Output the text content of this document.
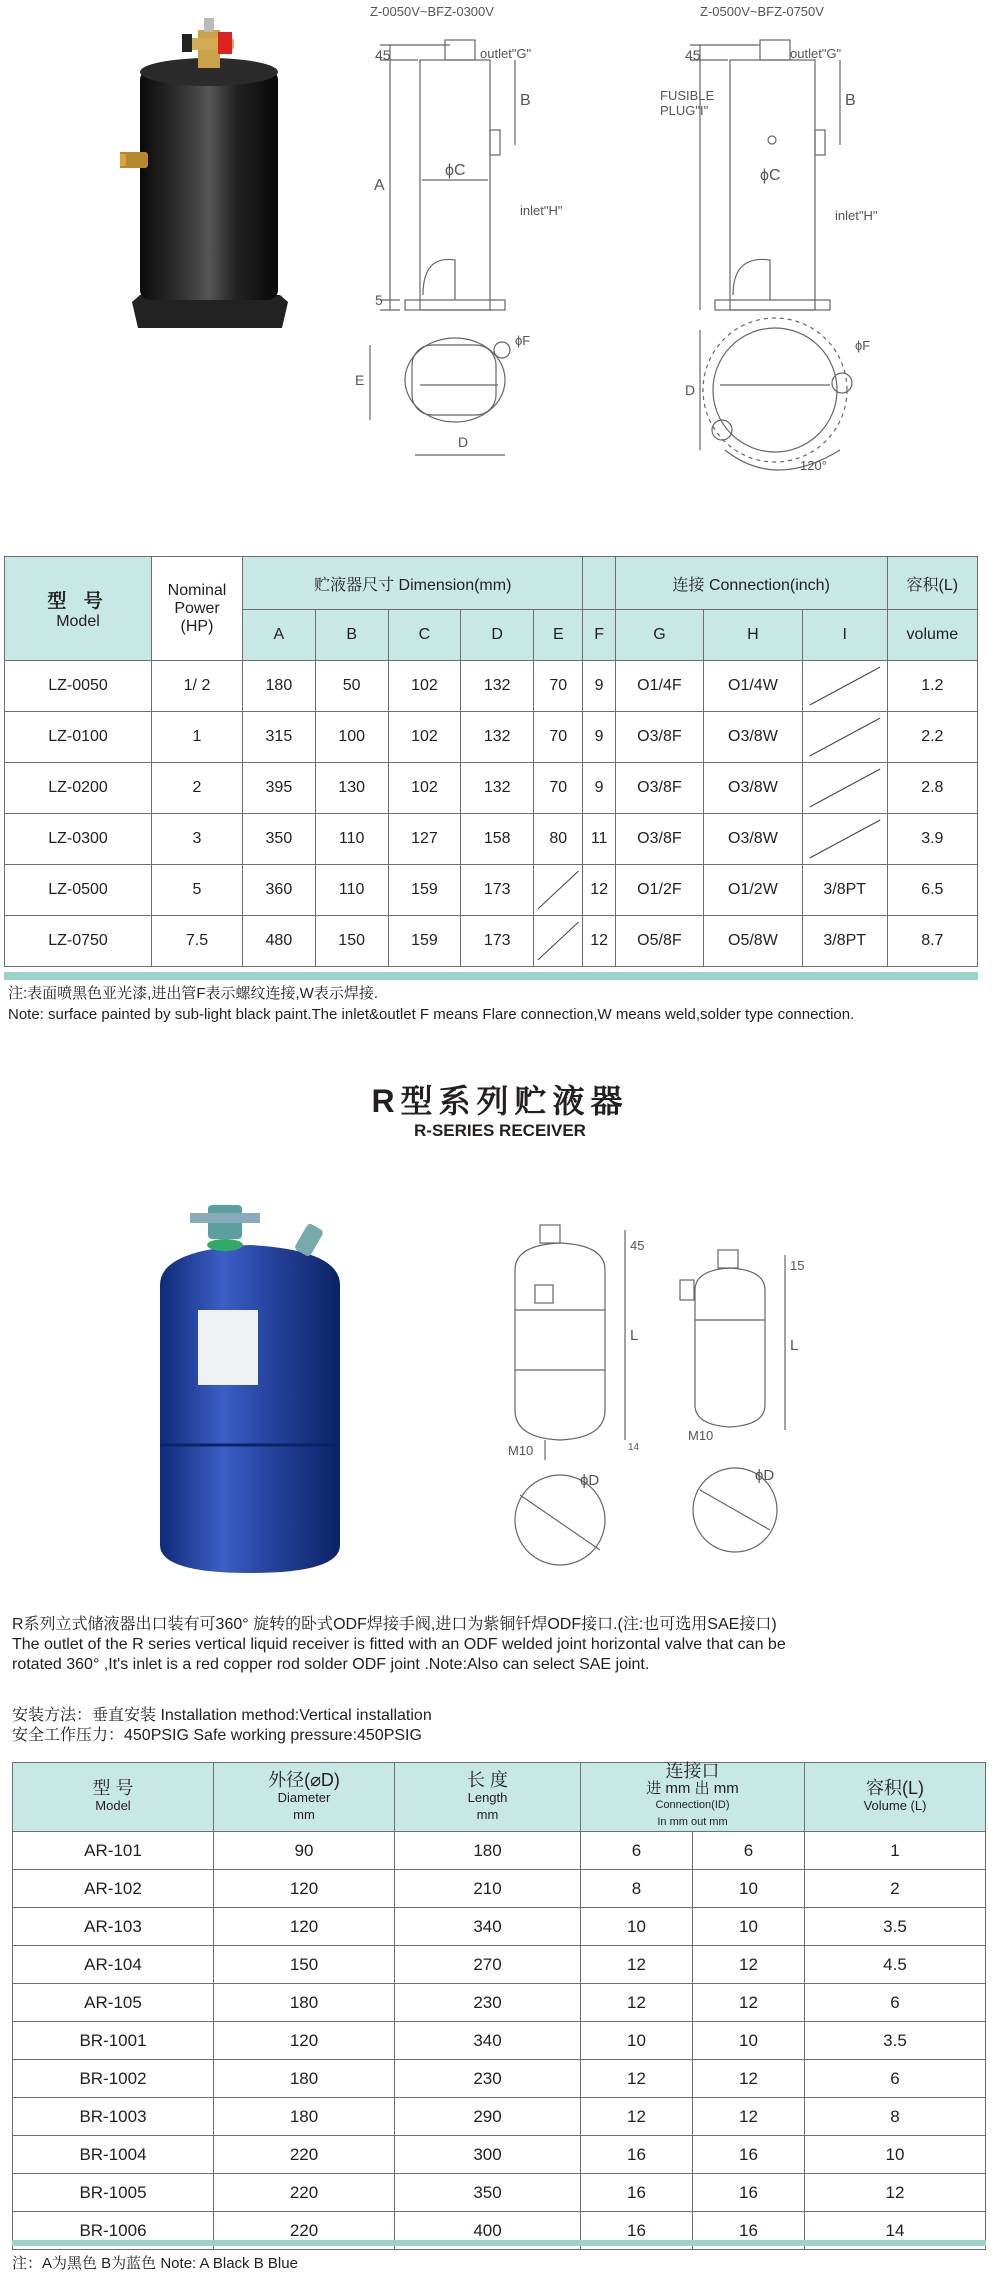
Z-0050V~BFZ-0300V	Z-0500V~BFZ-0750V
outlet"G"	outlet"G"
inlet"H"	inlet"H"
FUSIBLE
PLUG"I"
45	45
A
B	B
ϕC	ϕC
5
E
D
D
ϕF	ϕF
120°
型 号
Model	Nominal
Power
(HP)	贮液器尺寸 Dimension(mm)						连接 Connection(inch)			容积(L)
		A	B	C	D	E	F	G	H	I	volume
LZ-0050	1/ 2	180	50	102	132	70	9	O1/4F	O1/4W		1.2
LZ-0100	1	315	100	102	132	70	9	O3/8F	O3/8W		2.2
LZ-0200	2	395	130	102	132	70	9	O3/8F	O3/8W		2.8
LZ-0300	3	350	110	127	158	80	11	O3/8F	O3/8W		3.9
LZ-0500	5	360	110	159	173		12	O1/2F	O1/2W	3/8PT	6.5
LZ-0750	7.5	480	150	159	173		12	O5/8F	O5/8W	3/8PT	8.7
注:表面喷黑色亚光漆,进出管F表示螺纹连接,W表示焊接.
Note: surface painted by sub-light black paint.The inlet&outlet F means Flare connection,W means weld,solder type connection.
R型系列贮液器
R-SERIES RECEIVER
45
15
L
L
M10
M10
ϕD	ϕD
14
R系列立式储液器出口装有可360° 旋转的卧式ODF焊接手阀,进口为紫铜钎焊ODF接口.(注:也可选用SAE接口)
The outlet of the R series vertical liquid receiver is fitted with an ODF welded joint horizontal valve that can be
rotated 360° ,It's inlet is a red copper rod solder ODF joint .Note:Also can select SAE joint.
安装方法：垂直安装 Installation method:Vertical installation
安全工作压力：450PSIG Safe working pressure:450PSIG
型 号
Model	外径(⌀D)
Diameter
mm	长 度
Length
mm	连接口
进 mm 出 mm
Connection(ID)
In mm out mm		容积(L)
Volume (L)

AR-101	90	180	6	6	1
AR-102	120	210	8	10	2
AR-103	120	340	10	10	3.5
AR-104	150	270	12	12	4.5
AR-105	180	230	12	12	6
BR-1001	120	340	10	10	3.5
BR-1002	180	230	12	12	6
BR-1003	180	290	12	12	8
BR-1004	220	300	16	16	10
BR-1005	220	350	16	16	12
BR-1006	220	400	16	16	14
注：A为黑色 B为蓝色 Note: A Black B Blue
